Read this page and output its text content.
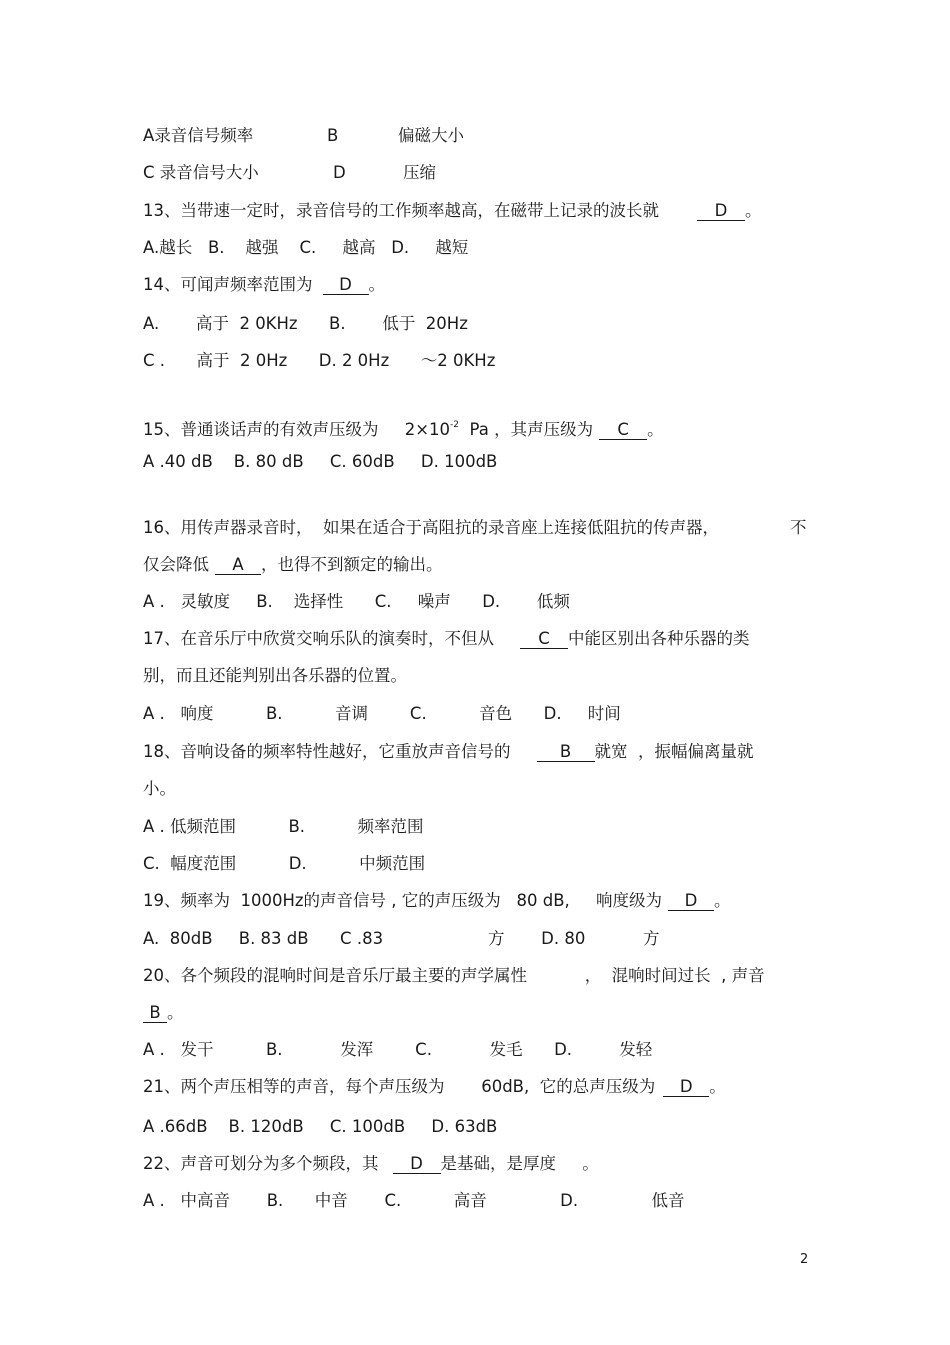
A录音信号频率	B	偏磁大小
C 录音信号大小	D	压缩
13、当带速一定时，录音信号的工作频率越高，在磁带上记录的波长就	D 。
A.越长   B.    越强    C.     越高   D.     越短
14、可闻声频率范围为 D 。
A.       高于  2 0KHz      B.       低于  20Hz
C .      高于  2 0Hz      D. 2 0Hz      ～2 0KHz
15、普通谈话声的有效声压级为     $2\times 10^{-2}$  Pa ，其声压级为 C 。
A .40 dB    B. 80 dB     C. 60dB     D. 100dB
16、用传声器录音时，  如果在适合于高阻抗的录音座上连接低阻抗的传声器，	不
仅会降低 A ，也得不到额定的输出。
A .   灵敏度     B.    选择性      C.     噪声      D.       低频
17、在音乐厅中欣赏交响乐队的演奏时，不但从	C 中能区别出各种乐器的类
别，而且还能判别出各乐器的位置。
A .   响度          B.          音调        C.          音色      D.     时间
18、音响设备的频率特性越好，它重放声音信号的	B 就宽  ，振幅偏离量就
小。
A . 低频范围          B.          频率范围
C.  幅度范围          D.          中频范围
19、频率为  1000Hz的声音信号 , 它的声压级为   80 dB,     响度级为 D 。
A.  80dB     B. 83 dB      C .83                    方       D. 80           方
20、各个频段的混响时间是音乐厅最主要的声学属性           ，  混响时间过长  , 声音
B 。
A .   发干          B.           发浑        C.           发毛      D.         发轻
21、两个声压相等的声音，每个声压级为       60dB,  它的总声压级为 D 。
A .66dB    B. 120dB     C. 100dB     D. 63dB
22、声音可划分为多个频段，其 D 是基础，是厚度     。
A .   中高音       B.      中音       C.          高音              D.              低音
2
